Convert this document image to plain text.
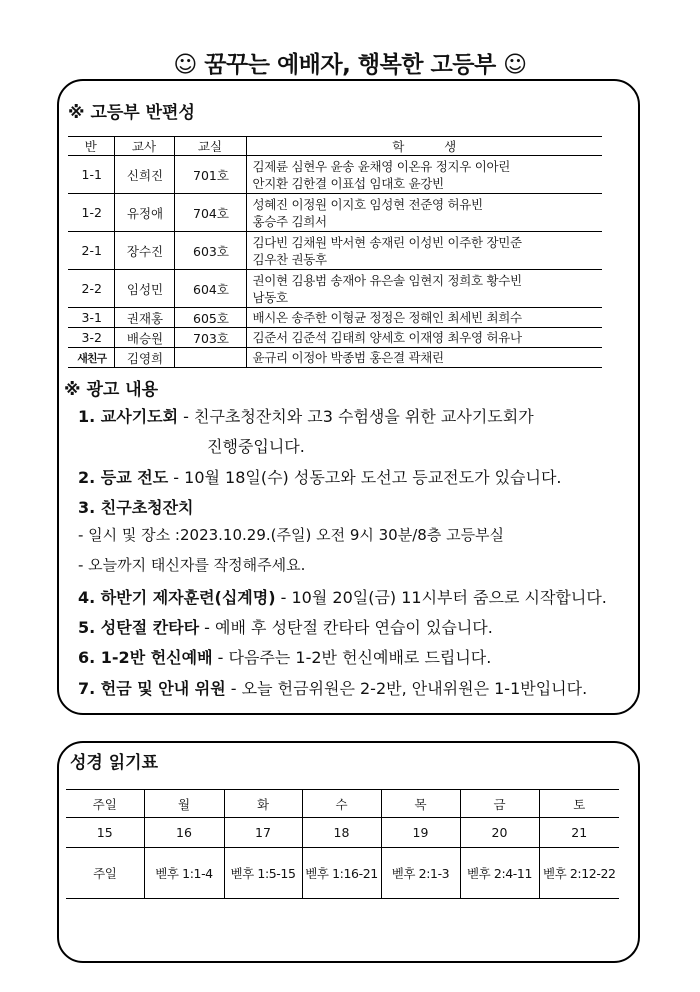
☺ 꿈꾸는 예배자, 행복한 고등부 ☺
※ 고등부 반편성
반	교사	교실	학          생
1-1	신희진	701호	김제륜 심현우 윤송 윤채영 이온유 정지우 이아린
안지환 김한결 이표섭 임대호 윤강빈
1-2	유정애	704호	성혜진 이정원 이지호 임성현 전준영 허유빈
홍승주 김희서
2-1	장수진	603호	김다빈 김채원 박서현 송재린 이성빈 이주한 장민준
김우찬 권동후
2-2	임성민	604호	권이현 김용범 송재아 유은솔 임현지 정희호 황수빈
남동호
3-1	권재홍	605호	배시온 송주한 이형균 정정은 정해인 최세빈 최희수
3-2	배승원	703호	김준서 김준석 김태희 양세호 이재영 최우영 허유나
새친구	김영희		윤규리 이정아 박종범 홍은결 곽채린
※ 광고 내용
1. 교사기도회 - 친구초청잔치와 고3 수험생을 위한 교사기도회가
진행중입니다.
2. 등교 전도 - 10월 18일(수) 성동고와 도선고 등교전도가 있습니다.
3. 친구초청잔치
- 일시 및 장소 :2023.10.29.(주일) 오전 9시 30분/8층 고등부실
- 오늘까지 태신자를 작정해주세요.
4. 하반기 제자훈련(십계명) - 10월 20일(금) 11시부터 줌으로 시작합니다.
5. 성탄절 칸타타 - 예배 후 성탄절 칸타타 연습이 있습니다.
6. 1-2반 헌신예배 - 다음주는 1-2반 헌신예배로 드립니다.
7. 헌금 및 안내 위원 - 오늘 헌금위원은 2-2반, 안내위원은 1-1반입니다.
성경 읽기표
주일	월	화	수	목	금	토
15	16	17	18	19	20	21
주일	벧후 1:1-4	벧후 1:5-15	벧후 1:16-21	벧후 2:1-3	벧후 2:4-11	벧후 2:12-22
